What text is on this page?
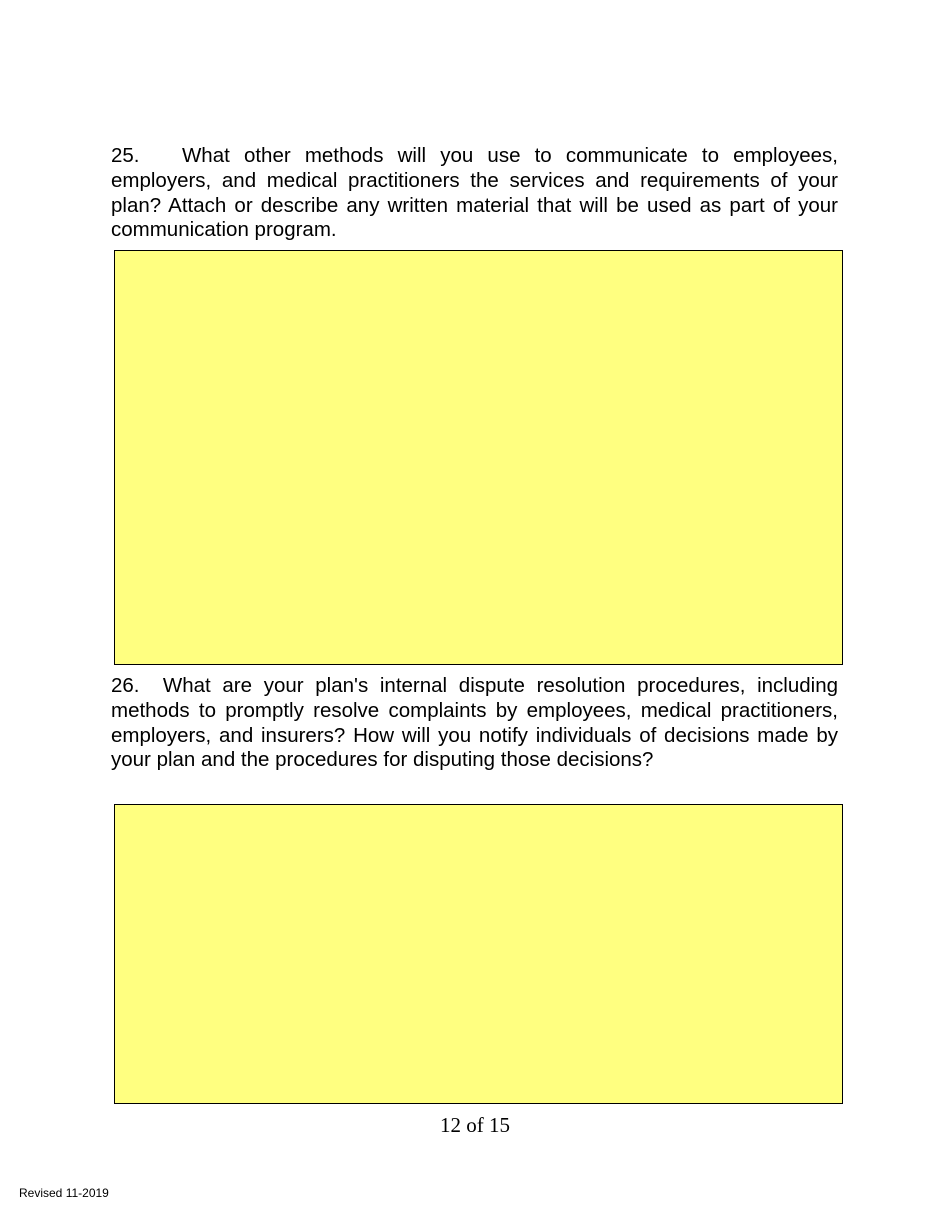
25. What other methods will you use to communicate to employees, employers, and medical practitioners the services and requirements of your plan? Attach or describe any written material that will be used as part of your communication program.

26. What are your plan's internal dispute resolution procedures, including methods to promptly resolve complaints by employees, medical practitioners, employers, and insurers? How will you notify individuals of decisions made by your plan and the procedures for disputing those decisions?

12 of 15
Revised 11-2019
